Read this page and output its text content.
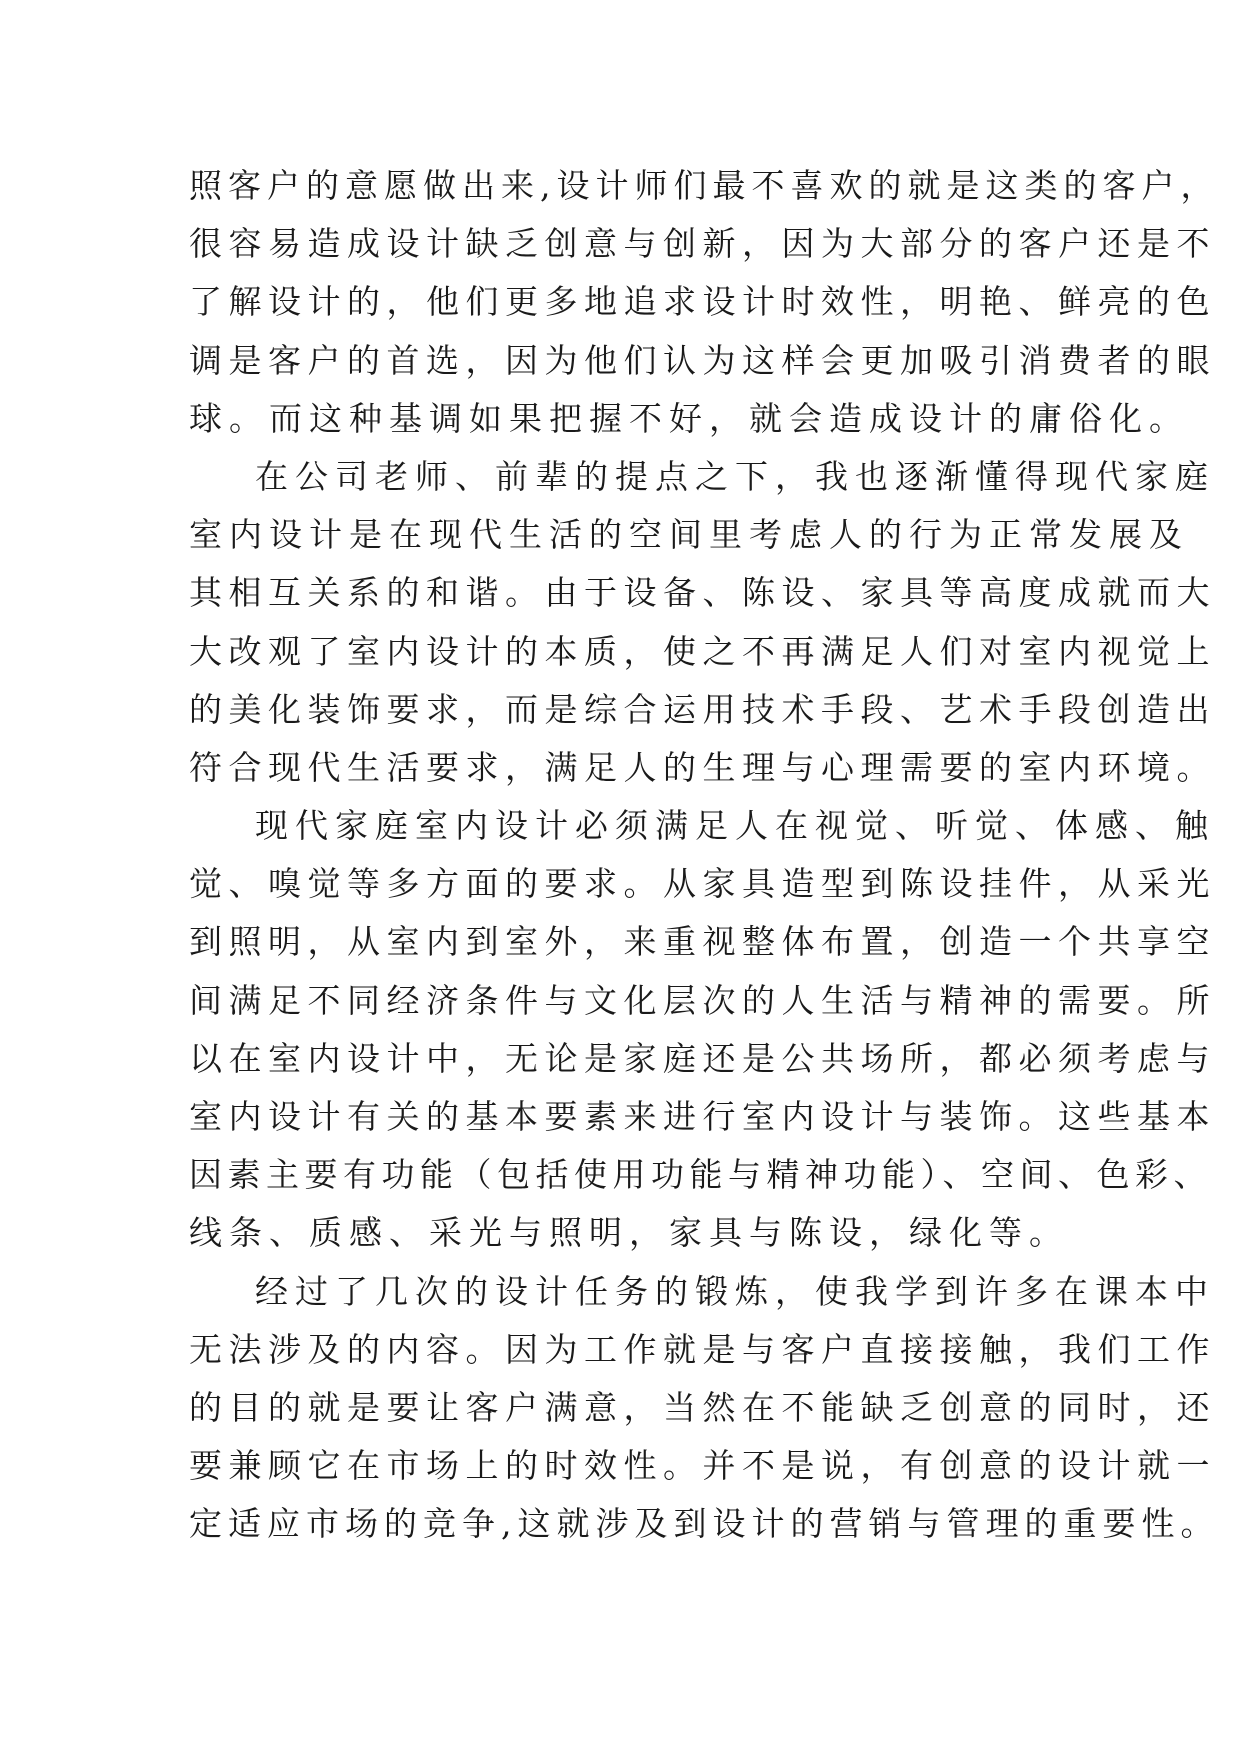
照客户的意愿做出来,设计师们最不喜欢的就是这类的客户，
很容易造成设计缺乏创意与创新，因为大部分的客户还是不
了解设计的，他们更多地追求设计时效性，明艳、鲜亮的色
调是客户的首选，因为他们认为这样会更加吸引消费者的眼
球。而这种基调如果把握不好，就会造成设计的庸俗化。
在公司老师、前辈的提点之下，我也逐渐懂得现代家庭
室内设计是在现代生活的空间里考虑人的行为正常发展及
其相互关系的和谐。由于设备、陈设、家具等高度成就而大
大改观了室内设计的本质，使之不再满足人们对室内视觉上
的美化装饰要求，而是综合运用技术手段、艺术手段创造出
符合现代生活要求，满足人的生理与心理需要的室内环境。
现代家庭室内设计必须满足人在视觉、听觉、体感、触
觉、嗅觉等多方面的要求。从家具造型到陈设挂件，从采光
到照明，从室内到室外，来重视整体布置，创造一个共享空
间满足不同经济条件与文化层次的人生活与精神的需要。所
以在室内设计中，无论是家庭还是公共场所，都必须考虑与
室内设计有关的基本要素来进行室内设计与装饰。这些基本
因素主要有功能（包括使用功能与精神功能）、空间、色彩、
线条、质感、采光与照明，家具与陈设，绿化等。
经过了几次的设计任务的锻炼，使我学到许多在课本中
无法涉及的内容。因为工作就是与客户直接接触，我们工作
的目的就是要让客户满意，当然在不能缺乏创意的同时，还
要兼顾它在市场上的时效性。并不是说，有创意的设计就一
定适应市场的竞争,这就涉及到设计的营销与管理的重要性。
